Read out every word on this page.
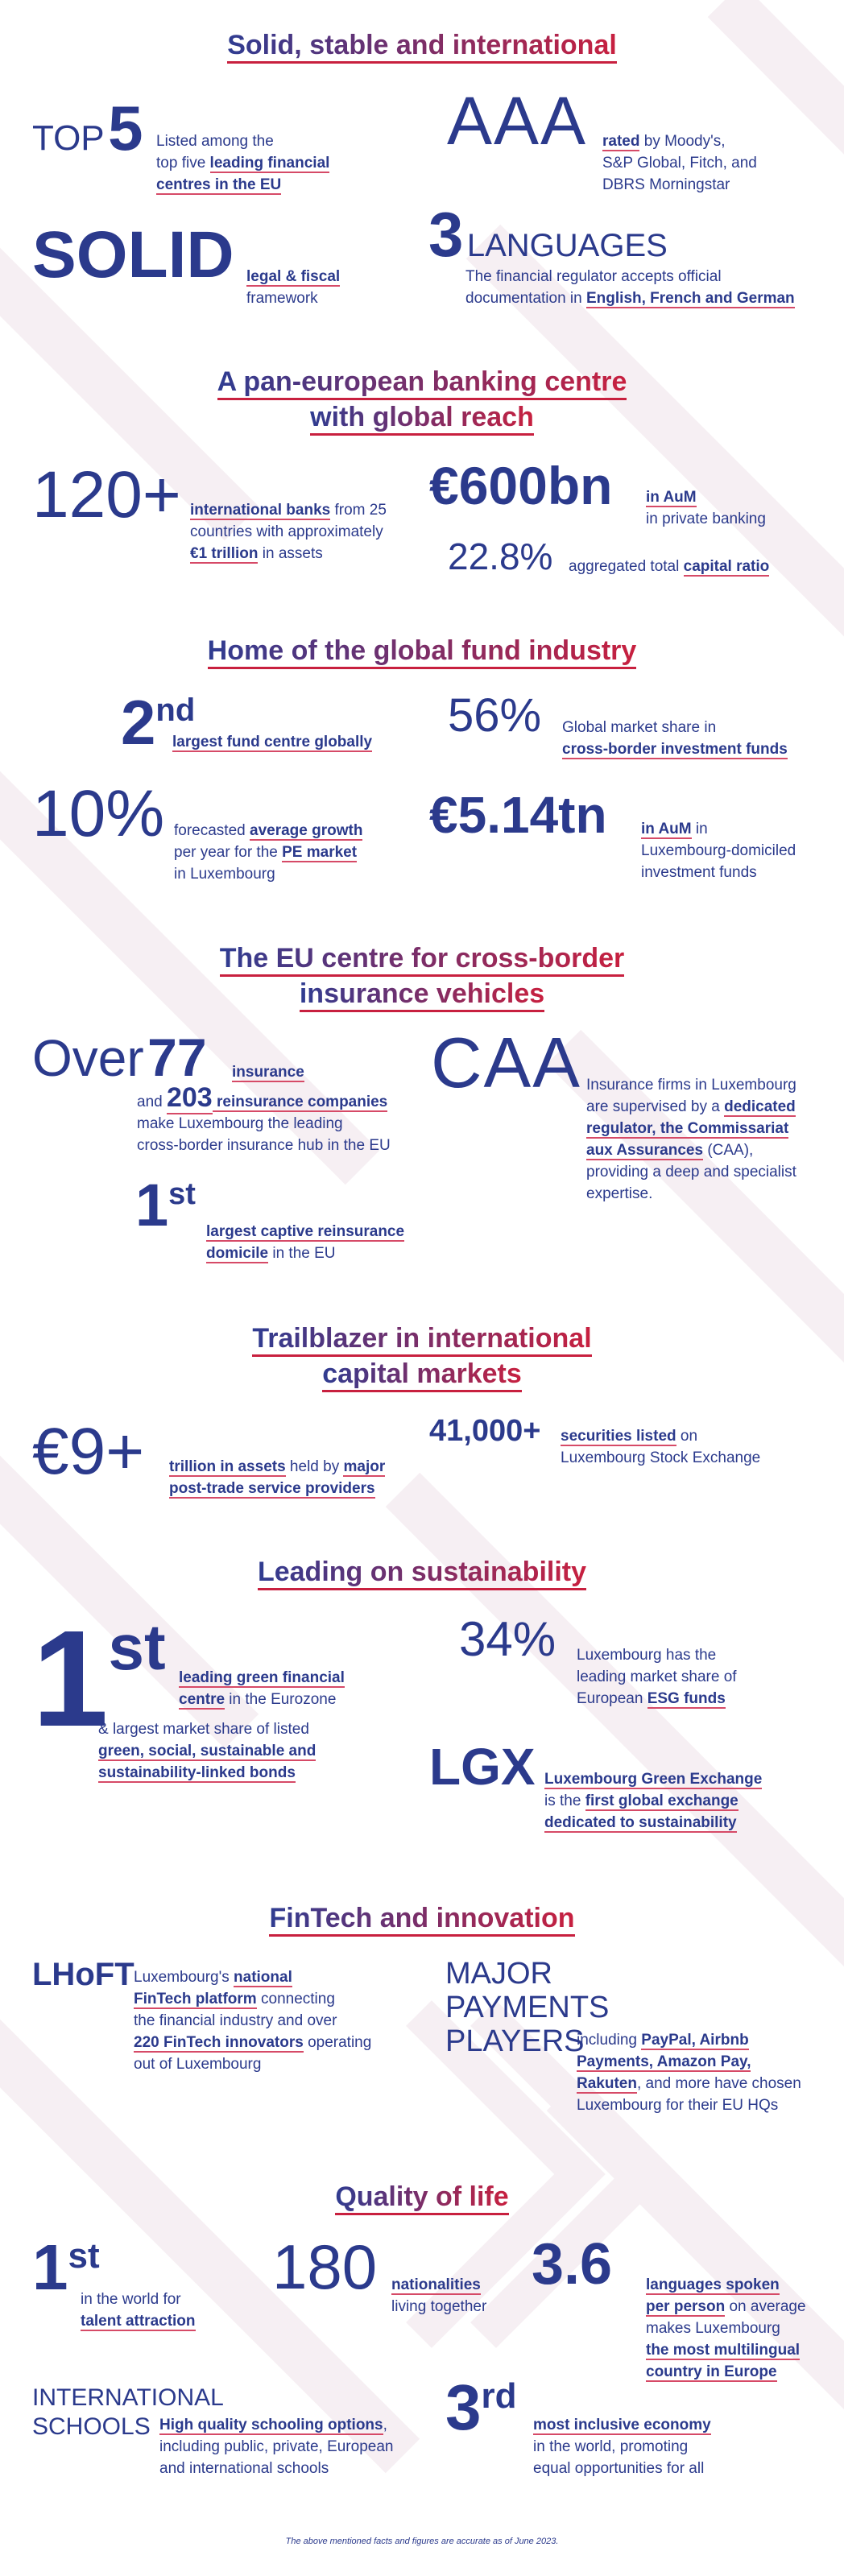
Solid, stable and international
TOP 5 Listed among the
top five leading financial
centres in the EU
AAA rated by Moody's,
S&P Global, Fitch, and
DBRS Morningstar
SOLID legal & fiscal
framework
3 LANGUAGES
The financial regulator accepts official
documentation in English, French and German
A pan-european banking centre
with global reach
120+ international banks from 25
countries with approximately
€1 trillion in assets
€600bn in AuM
in private banking
22.8% aggregated total capital ratio
Home of the global fund industry
2nd
largest fund centre globally
56% Global market share in
cross-border investment funds
10% forecasted average growth
per year for the PE market
in Luxembourg
€5.14tn in AuM in
Luxembourg-domiciled
investment funds
The EU centre for cross-border
insurance vehicles
Over 77 insurance
and 203 reinsurance companies
make Luxembourg the leading
cross-border insurance hub in the EU
CAA Insurance firms in Luxembourg
are supervised by a dedicated
regulator, the Commissariat
aux Assurances (CAA),
providing a deep and specialist
expertise.
1st
largest captive reinsurance
domicile in the EU
Trailblazer in international
capital markets
€9+ trillion in assets held by major
post-trade service providers
41,000+ securities listed on
Luxembourg Stock Exchange
Leading on sustainability
1st leading green financial
centre in the Eurozone
& largest market share of listed
green, social, sustainable and
sustainability-linked bonds
34% Luxembourg has the
leading market share of
European ESG funds
LGX Luxembourg Green Exchange
is the first global exchange
dedicated to sustainability
FinTech and innovation
LHoFT Luxembourg's national
FinTech platform connecting
the financial industry and over
220 FinTech innovators operating
out of Luxembourg
MAJOR
PAYMENTS
PLAYERS
including PayPal, Airbnb
Payments, Amazon Pay,
Rakuten, and more have chosen
Luxembourg for their EU HQs
Quality of life
1st
in the world for
talent attraction
180 nationalities
living together
3.6 languages spoken
per person on average
makes Luxembourg
the most multilingual
country in Europe
INTERNATIONAL
SCHOOLS High quality schooling options,
including public, private, European
and international schools
3rd
most inclusive economy
in the world, promoting
equal opportunities for all
The above mentioned facts and figures are accurate as of June 2023.
